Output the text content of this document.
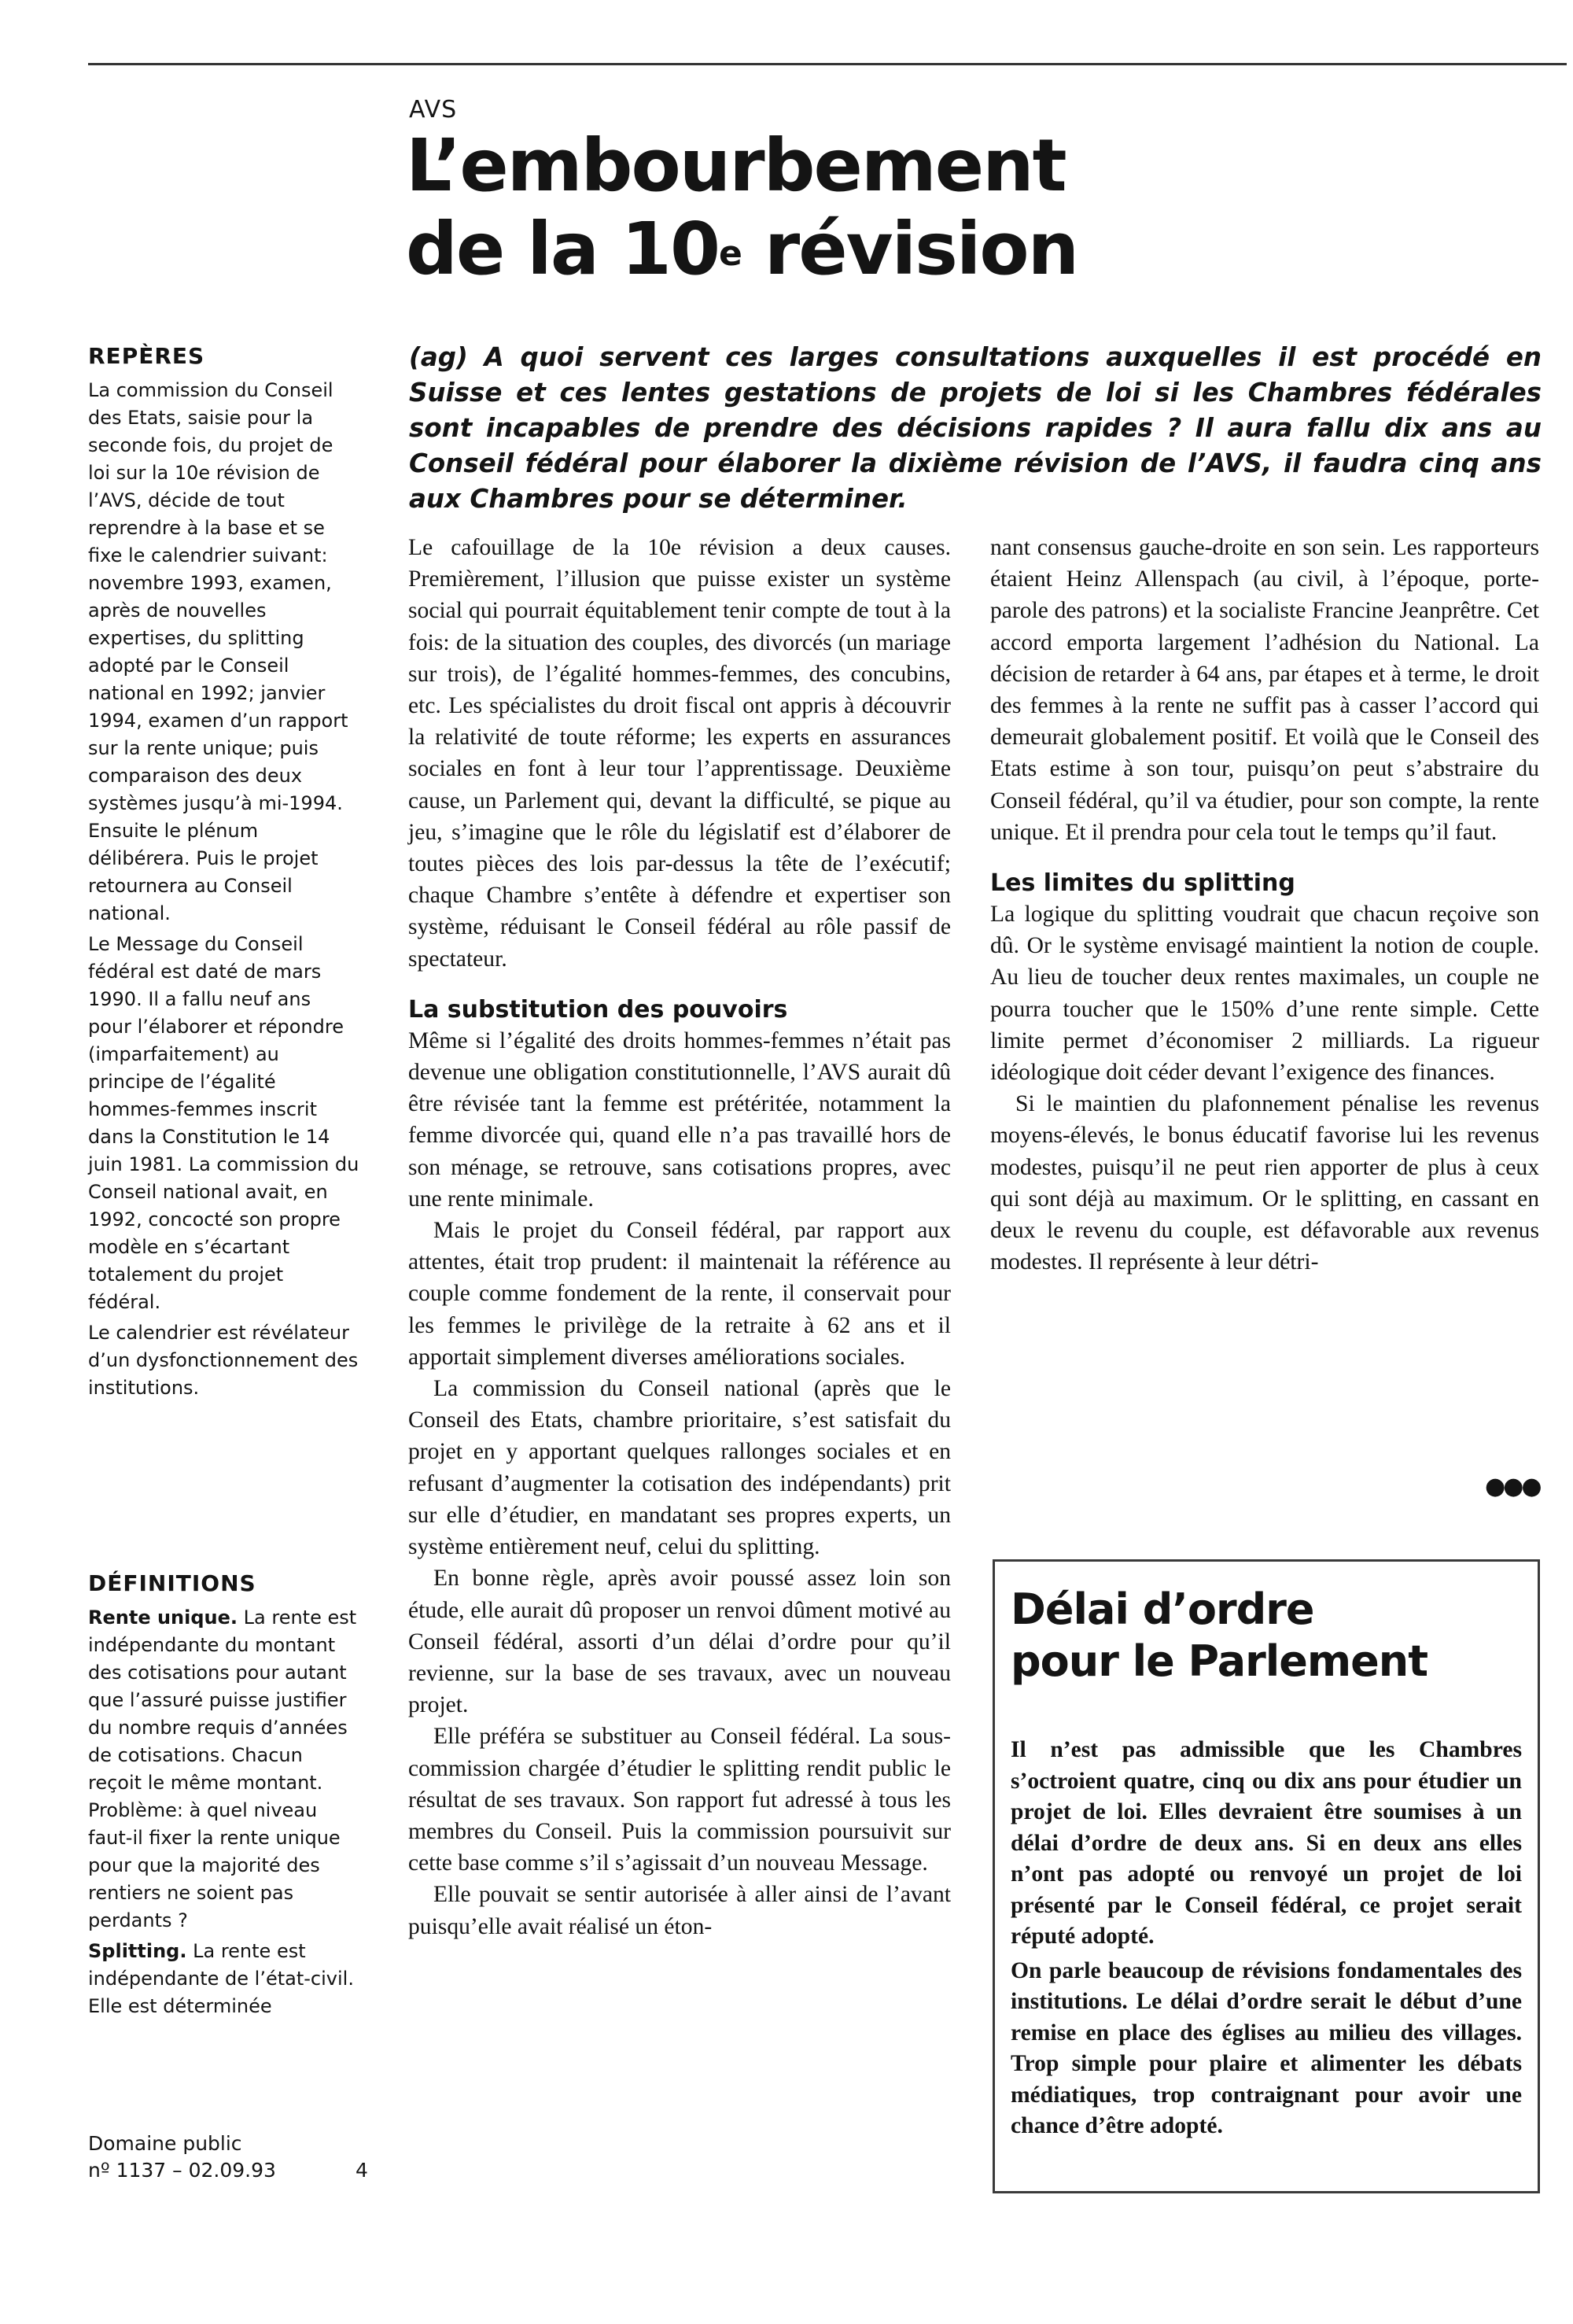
AVS
L’embourbement
de la 10e révision

(ag) A quoi servent ces larges consultations auxquelles il est procédé en Suisse et ces lentes gestations de projets de loi si les Chambres fédérales sont incapables de prendre des décisions rapides ? Il aura fallu dix ans au Conseil fédéral pour élaborer la dixième révision de l’AVS, il faudra cinq ans aux Chambres pour se déterminer.

REPÈRES

La commission du Conseil des Etats, saisie pour la seconde fois, du projet de loi sur la 10e révision de l’AVS, décide de tout reprendre à la base et se fixe le calendrier suivant: novembre 1993, examen, après de nouvelles expertises, du splitting adopté par le Conseil national en 1992; janvier 1994, examen d’un rapport sur la rente unique; puis comparaison des deux systèmes jusqu’à mi-1994. Ensuite le plénum délibérera. Puis le projet retournera au Conseil national.

Le Message du Conseil fédéral est daté de mars 1990. Il a fallu neuf ans pour l’élaborer et répondre (imparfaitement) au principe de l’égalité hommes-femmes inscrit dans la Constitution le 14 juin 1981. La commission du Conseil national avait, en 1992, concocté son propre modèle en s’écartant totalement du projet fédéral.

Le calendrier est révélateur d’un dysfonctionnement des institutions.

DÉFINITIONS

Rente unique. La rente est indépendante du montant des cotisations pour autant que l’assuré puisse justifier du nombre requis d’années de cotisations. Chacun reçoit le même montant. Problème: à quel niveau faut-il fixer la rente unique pour que la majorité des rentiers ne soient pas perdants ?

Splitting. La rente est indépendante de l’état-civil. Elle est déterminée

Domaine public
nº 1137 – 02.09.93	4

Le cafouillage de la 10e révision a deux causes. Premièrement, l’illusion que puisse exister un système social qui pourrait équitablement tenir compte de tout à la fois: de la situation des couples, des divorcés (un mariage sur trois), de l’égalité hommes-femmes, des concubins, etc. Les spécialistes du droit fiscal ont appris à découvrir la relativité de toute réforme; les experts en assurances sociales en font à leur tour l’apprentissage. Deuxième cause, un Parlement qui, devant la difficulté, se pique au jeu, s’imagine que le rôle du législatif est d’élaborer de toutes pièces des lois par-dessus la tête de l’exécutif; chaque Chambre s’entête à défendre et expertiser son système, réduisant le Conseil fédéral au rôle passif de spectateur.

La substitution des pouvoirs

Même si l’égalité des droits hommes-femmes n’était pas devenue une obligation constitutionnelle, l’AVS aurait dû être révisée tant la femme est prétéritée, notamment la femme divorcée qui, quand elle n’a pas travaillé hors de son ménage, se retrouve, sans cotisations propres, avec une rente minimale.

Mais le projet du Conseil fédéral, par rapport aux attentes, était trop prudent: il maintenait la référence au couple comme fondement de la rente, il conservait pour les femmes le privilège de la retraite à 62 ans et il apportait simplement diverses améliorations sociales.

La commission du Conseil national (après que le Conseil des Etats, chambre prioritaire, s’est satisfait du projet en y apportant quelques rallonges sociales et en refusant d’augmenter la cotisation des indépendants) prit sur elle d’étudier, en mandatant ses propres experts, un système entièrement neuf, celui du splitting.

En bonne règle, après avoir poussé assez loin son étude, elle aurait dû proposer un renvoi dûment motivé au Conseil fédéral, assorti d’un délai d’ordre pour qu’il revienne, sur la base de ses travaux, avec un nouveau projet.

Elle préféra se substituer au Conseil fédéral. La sous-commission chargée d’étudier le splitting rendit public le résultat de ses travaux. Son rapport fut adressé à tous les membres du Conseil. Puis la commission poursuivit sur cette base comme s’il s’agissait d’un nouveau Message.

Elle pouvait se sentir autorisée à aller ainsi de l’avant puisqu’elle avait réalisé un éton-

nant consensus gauche-droite en son sein. Les rapporteurs étaient Heinz Allenspach (au civil, à l’époque, porte-parole des patrons) et la socialiste Francine Jeanprêtre. Cet accord emporta largement l’adhésion du National. La décision de retarder à 64 ans, par étapes et à terme, le droit des femmes à la rente ne suffit pas à casser l’accord qui demeurait globalement positif. Et voilà que le Conseil des Etats estime à son tour, puisqu’on peut s’abstraire du Conseil fédéral, qu’il va étudier, pour son compte, la rente unique. Et il prendra pour cela tout le temps qu’il faut.

Les limites du splitting

La logique du splitting voudrait que chacun reçoive son dû. Or le système envisagé maintient la notion de couple. Au lieu de toucher deux rentes maximales, un couple ne pourra toucher que le 150% d’une rente simple. Cette limite permet d’économiser 2 milliards. La rigueur idéologique doit céder devant l’exigence des finances.

Si le maintien du plafonnement pénalise les revenus moyens-élevés, le bonus éducatif favorise lui les revenus modestes, puisqu’il ne peut rien apporter de plus à ceux qui sont déjà au maximum. Or le splitting, en cassant en deux le revenu du couple, est défavorable aux revenus modestes. Il représente à leur détri-

●●●
Délai d’ordre
pour le Parlement

Il n’est pas admissible que les Chambres s’octroient quatre, cinq ou dix ans pour étudier un projet de loi. Elles devraient être soumises à un délai d’ordre de deux ans. Si en deux ans elles n’ont pas adopté ou renvoyé un projet de loi présenté par le Conseil fédéral, ce projet serait réputé adopté.

On parle beaucoup de révisions fondamentales des institutions. Le délai d’ordre serait le début d’une remise en place des églises au milieu des villages. Trop simple pour plaire et alimenter les débats médiatiques, trop contraignant pour avoir une chance d’être adopté.
